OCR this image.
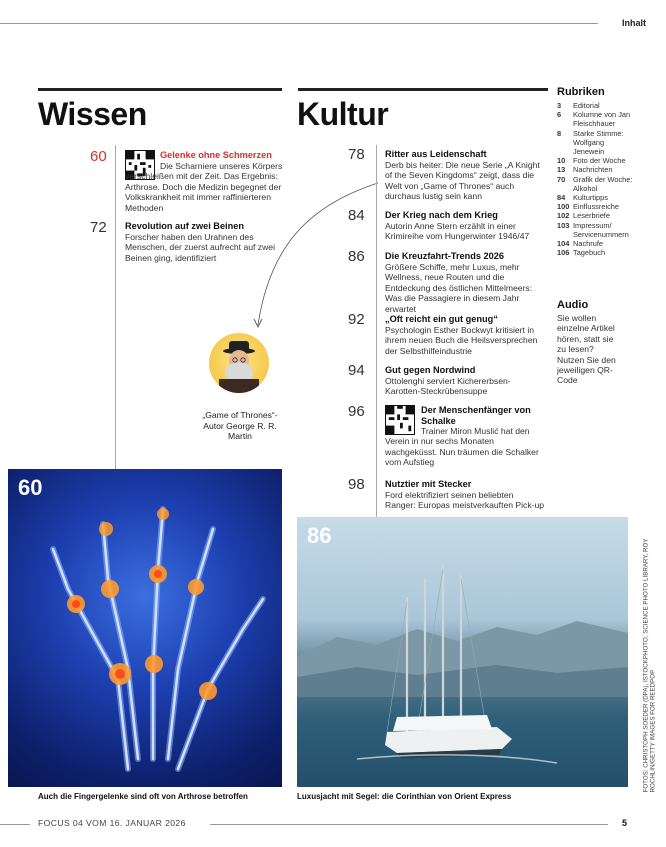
Inhalt
Wissen
60	Gelenke ohne Schmerzen
Die Scharniere unseres Körpers verschleißen mit der Zeit. Das Ergebnis: Arthrose. Doch die Medizin begegnet der Volkskrankheit mit immer raffinierteren Methoden
72 Revolution auf zwei Beinen
Forscher haben den Urahnen des Menschen, der zuerst aufrecht auf zwei Beinen ging, identifiziert
„Game of Thrones“-Autor George R. R. Martin
60
Auch die Fingergelenke sind oft von Arthrose betroffen
Kultur
78 Ritter aus Leidenschaft
Derb bis heiter: Die neue Serie „A Knight of the Seven Kingdoms“ zeigt, dass die Welt von „Game of Thrones“ auch durchaus lustig sein kann
84 Der Krieg nach dem Krieg
Autorin Anne Stern erzählt in einer Krimireihe vom Hungerwinter 1946/47
86 Die Kreuzfahrt-Trends 2026
Größere Schiffe, mehr Luxus, mehr Wellness, neue Routen und die Entdeckung des östlichen Mittelmeers: Was die Passagiere in diesem Jahr erwartet
92 „Oft reicht ein gut genug“
Psychologin Esther Bockwyt kritisiert in ihrem neuen Buch die Heilsversprechen der Selbsthilfeindustrie
94 Gut gegen Nordwind
Ottolenghi serviert Kichererbsen-Karotten-Steckrübensuppe
96	Der Menschenfänger von Schalke
Trainer Miron Muslić hat den Verein in nur sechs Monaten wachgeküsst. Nun träumen die Schalker vom Aufstieg
98 Nutztier mit Stecker
Ford elektrifiziert seinen beliebten Ranger: Europas meistverkauften Pick-up
86
Luxusjacht mit Segel: die Corinthian von Orient Express
FOTOS: CHRISTOPH SOEDER (DPA), ISTOCKPHOTO, SCIENCE PHOTO LIBRARY, ROY ROCHLIN/GETTY IMAGES FOR REEDPOP
Rubriken
3	Editorial
6	Kolumne von Jan Fleischhauer
8	Starke Stimme: Wolfgang Jenewein
10	Foto der Woche
13	Nachrichten
70	Grafik der Woche: Alkohol
84	Kulturtipps
100 Einflussreiche
102 Leserbriefe
103 Impressum/ Servicenummern
104 Nachrufe
106 Tagebuch
Audio
Sie wollen einzelne Artikel hören, statt sie zu lesen? Nutzen Sie den jeweiligen QR-Code
FOCUS 04 VOM 16. JANUAR 2026	5
